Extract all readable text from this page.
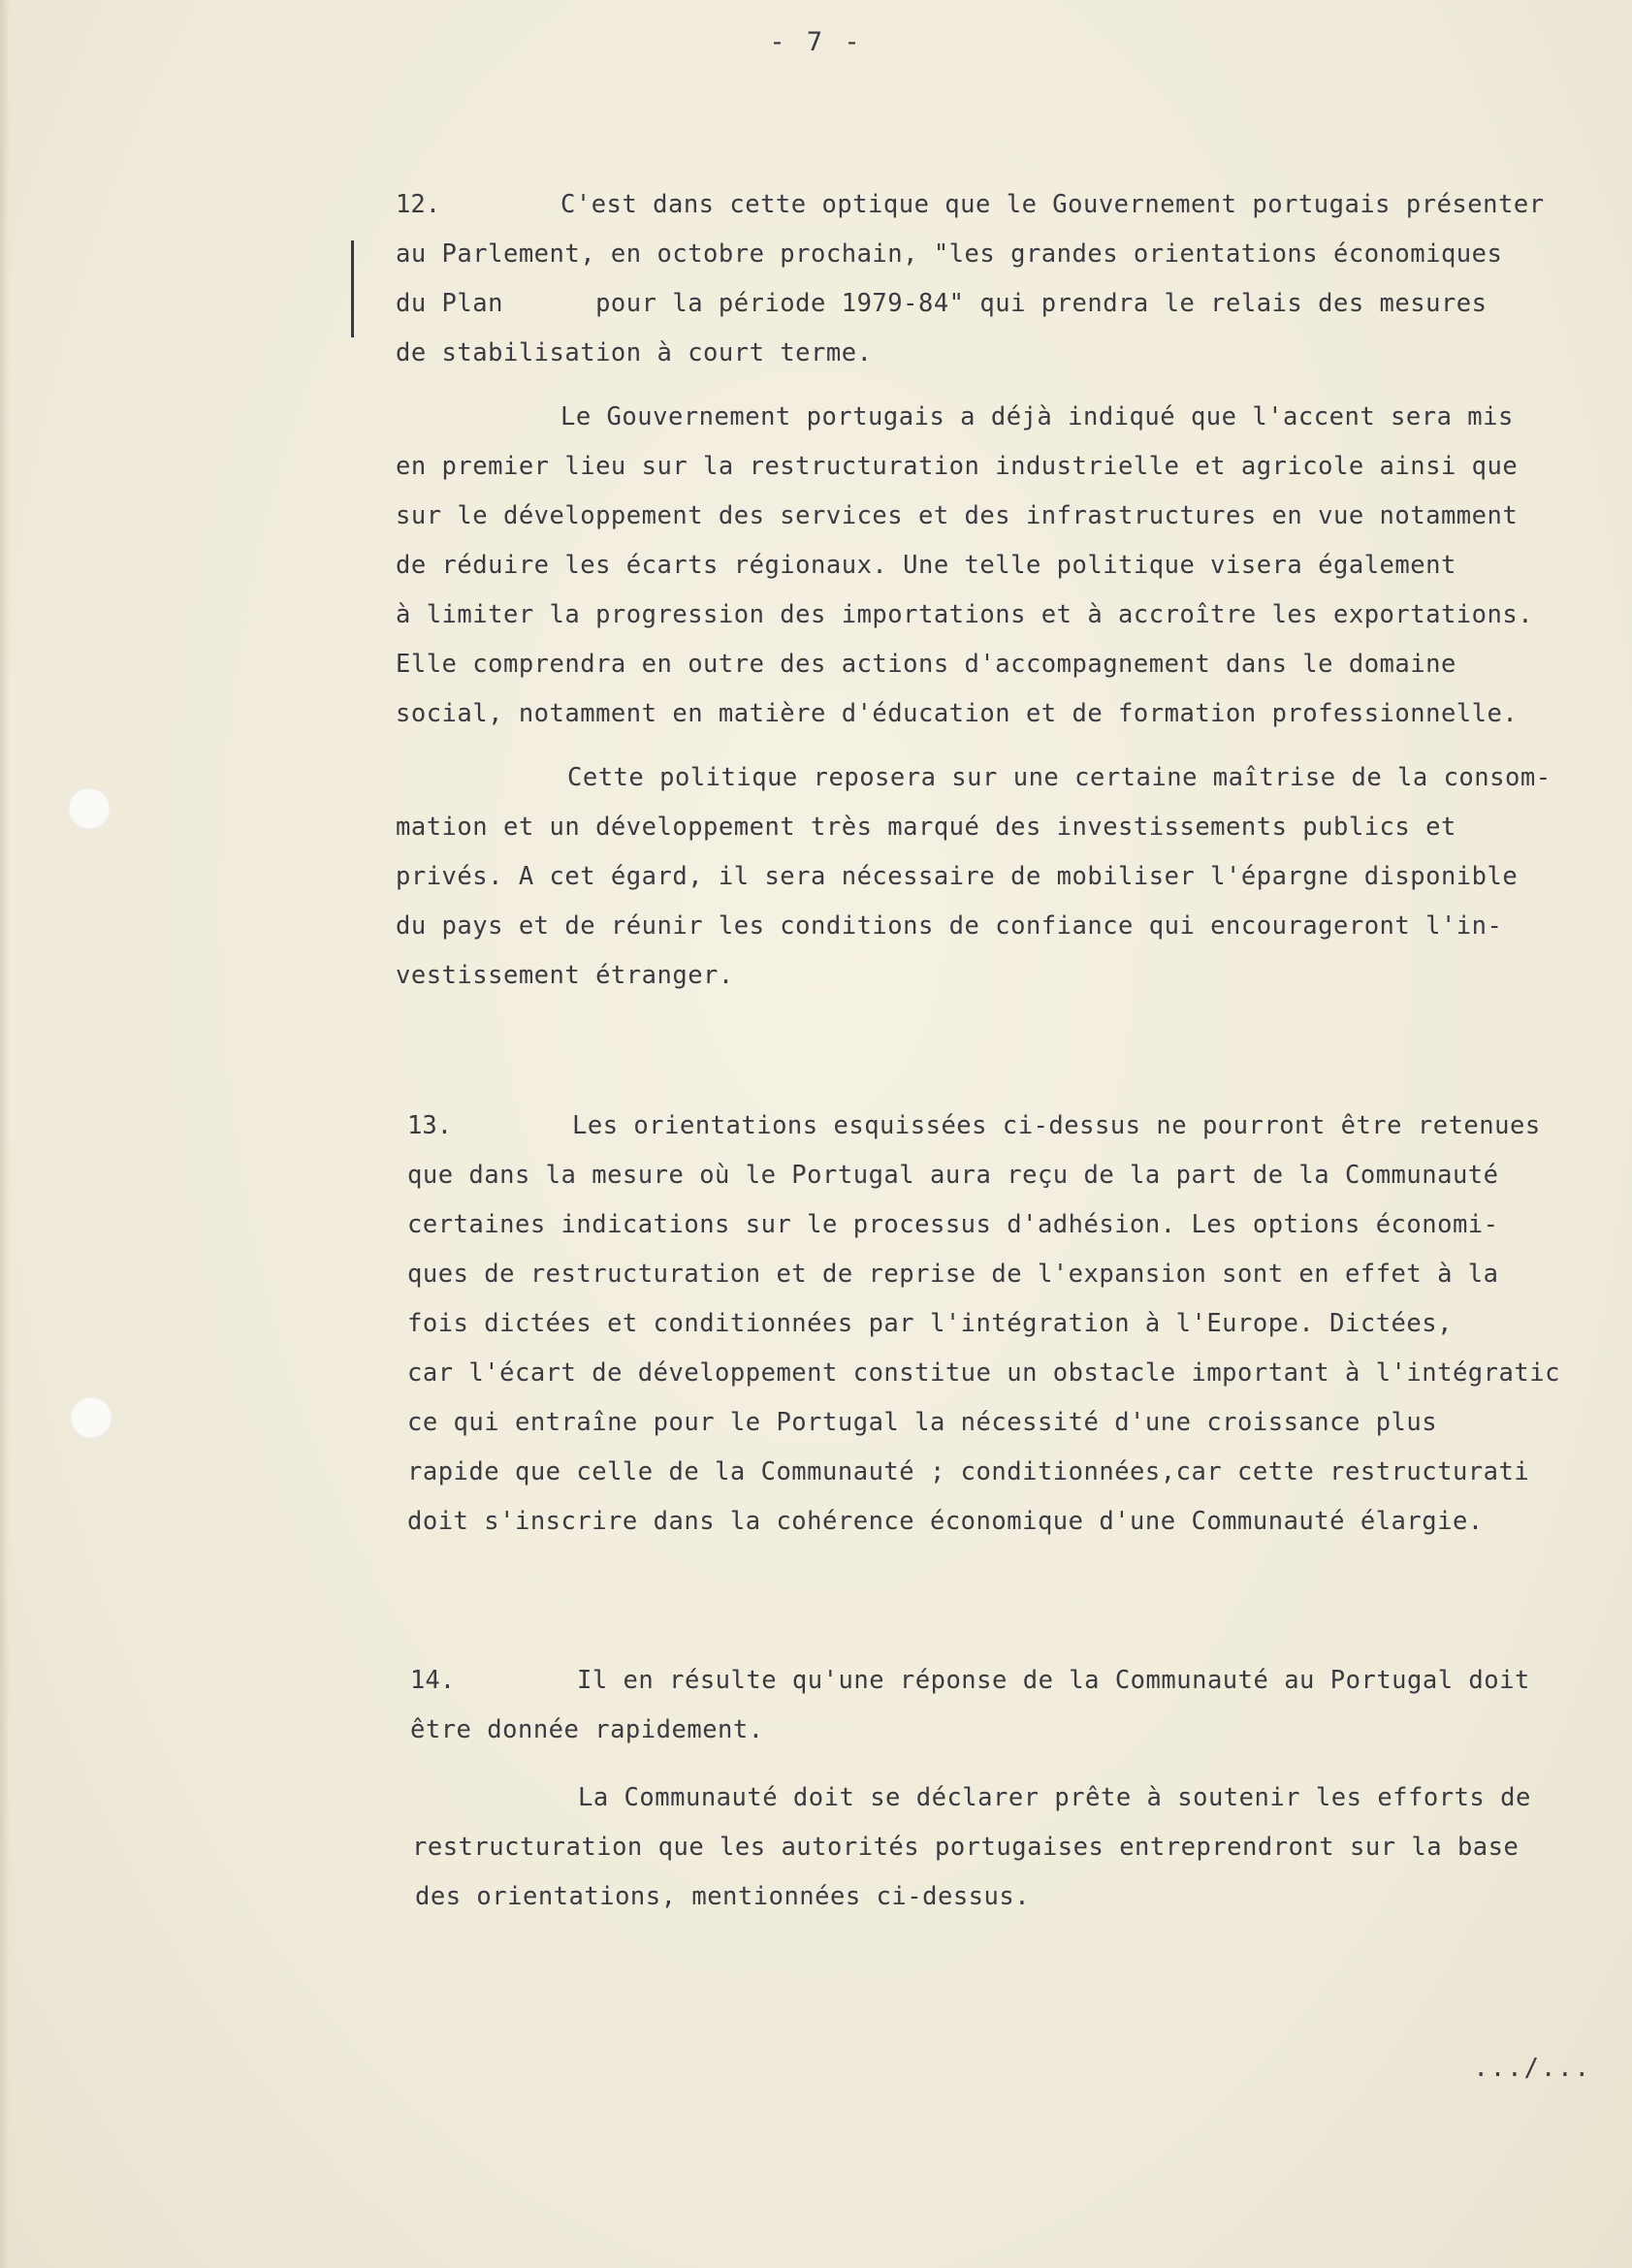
- 7 -
12.	C'est dans cette optique que le Gouvernement portugais présenter
au Parlement, en octobre prochain, "les grandes orientations économiques
du Plan      pour la période 1979-84" qui prendra le relais des mesures
de stabilisation à court terme.
Le Gouvernement portugais a déjà indiqué que l'accent sera mis
en premier lieu sur la restructuration industrielle et agricole ainsi que
sur le développement des services et des infrastructures en vue notamment
de réduire les écarts régionaux. Une telle politique visera également
à limiter la progression des importations et à accroître les exportations.
Elle comprendra en outre des actions d'accompagnement dans le domaine
social, notamment en matière d'éducation et de formation professionnelle.
Cette politique reposera sur une certaine maîtrise de la consom-
mation et un développement très marqué des investissements publics et
privés. A cet égard, il sera nécessaire de mobiliser l'épargne disponible
du pays et de réunir les conditions de confiance qui encourageront l'in-
vestissement étranger.
13.	Les orientations esquissées ci-dessus ne pourront être retenues
que dans la mesure où le Portugal aura reçu de la part de la Communauté
certaines indications sur le processus d'adhésion. Les options économi-
ques de restructuration et de reprise de l'expansion sont en effet à la
fois dictées et conditionnées par l'intégration à l'Europe. Dictées,
car l'écart de développement constitue un obstacle important à l'intégratic
ce qui entraîne pour le Portugal la nécessité d'une croissance plus
rapide que celle de la Communauté ; conditionnées,car cette restructurati
doit s'inscrire dans la cohérence économique d'une Communauté élargie.
14.	Il en résulte qu'une réponse de la Communauté au Portugal doit
être donnée rapidement.
La Communauté doit se déclarer prête à soutenir les efforts de
restructuration que les autorités portugaises entreprendront sur la base
des orientations, mentionnées ci-dessus.
.../...
